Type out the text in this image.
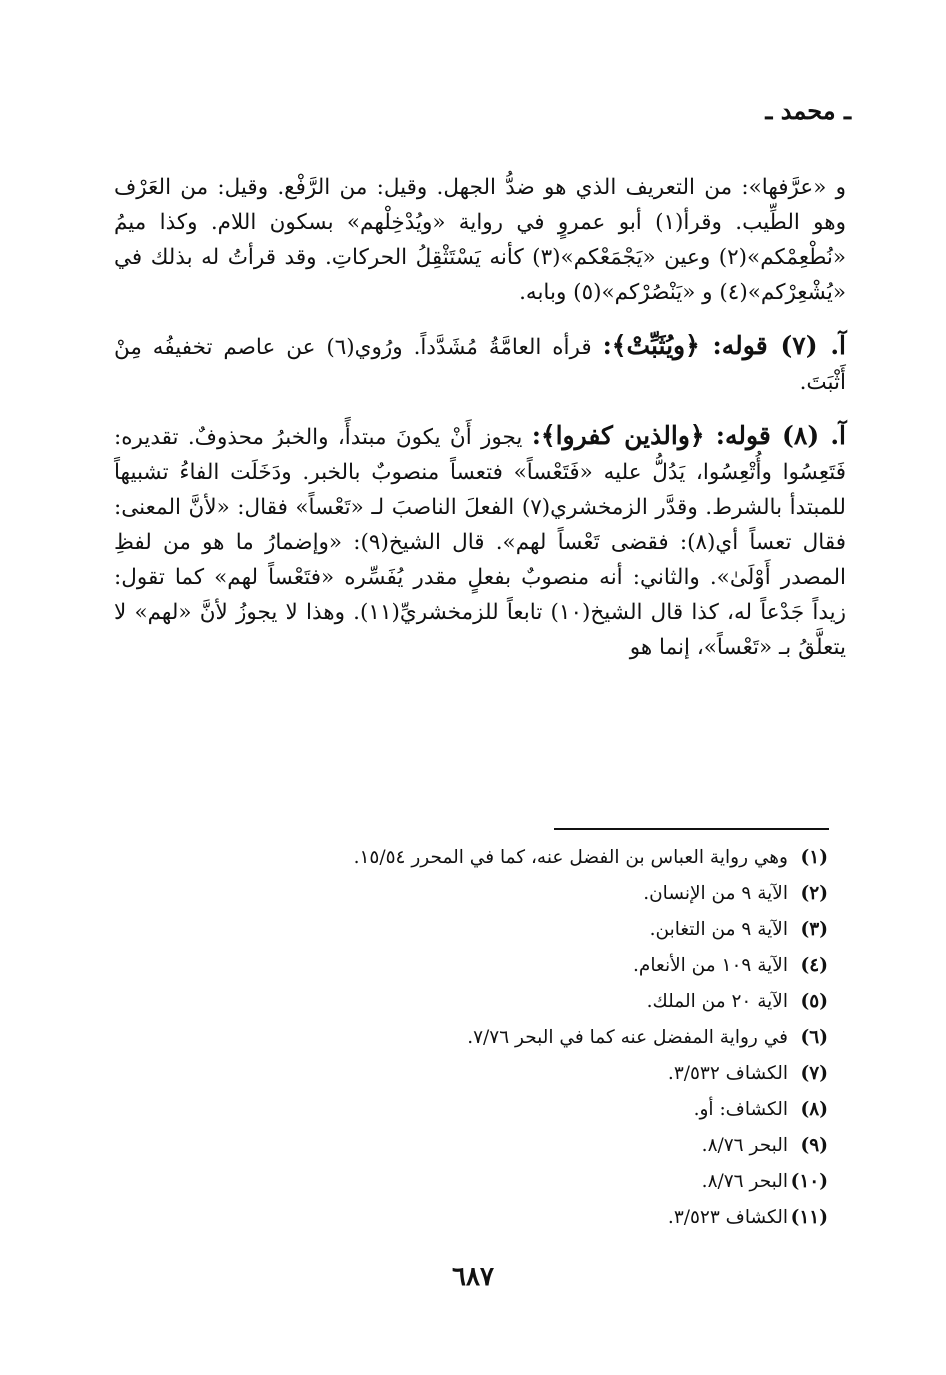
ـ محمد ـ

و «عرَّفها»: من التعريف الذي هو ضدُّ الجهل. وقيل: من الرَّفْع. وقيل: من العَرْف وهو الطِّيب. وقرأ(١) أبو عمروٍ في رواية «ويُدْخِلْهم» بسكون اللام. وكذا ميمُ «نُطْعِمْكم»(٢) وعين «يَجْمَعْكم»(٣) كأنه يَسْتَثْقِلُ الحركاتِ. وقد قرأتُ له بذلك في «يُشْعِرْكم»(٤) و «يَنْصُرْكم»(٥) وبابه.

آ. (٧) قوله: ﴿ويُثَبِّتْ﴾: قرأه العامَّةُ مُشَدَّداً. ورُوي(٦) عن عاصم تخفيفُه مِنْ أَثْبَتَ.

آ. (٨) قوله: ﴿والذين كفروا﴾: يجوز أَنْ يكونَ مبتدأً، والخبرُ محذوفٌ. تقديره: فَتَعِسُوا وأُتْعِسُوا، يَدُلُّ عليه «فَتَعْساً» فتعساً منصوبٌ بالخبر. ودَخَلَت الفاءُ تشبيهاً للمبتدأ بالشرط. وقدَّر الزمخشري(٧) الفعلَ الناصبَ لـ «تَعْساً» فقال: «لأنَّ المعنى: فقال تعساً أي(٨): فقضى تَعْساً لهم». قال الشيخ(٩): «وإضمارُ ما هو من لفظِ المصدر أَوْلَىٰ». والثاني: أنه منصوبٌ بفعلٍ مقدر يُفَسِّره «فتَعْساً لهم» كما تقول: زيداً جَدْعاً له، كذا قال الشيخ(١٠) تابعاً للزمخشريِّ(١١). وهذا لا يجوزُ لأنَّ «لهم» لا يتعلَّقُ بـ «تَعْساً»، إنما هو

(١)
وهي رواية العباس بن الفضل عنه، كما في المحرر ١٥/٥٤.
(٢)
الآية ٩ من الإنسان.
(٣)
الآية ٩ من التغابن.
(٤)
الآية ١٠٩ من الأنعام.
(٥)
الآية ٢٠ من الملك.
(٦)
في رواية المفضل عنه كما في البحر ٧/٧٦.
(٧)
الكشاف ٣/٥٣٢.
(٨)
الكشاف: أو.
(٩)
البحر ٨/٧٦.
(١٠)
البحر ٨/٧٦.
(١١)
الكشاف ٣/٥٢٣.
٦٨٧
